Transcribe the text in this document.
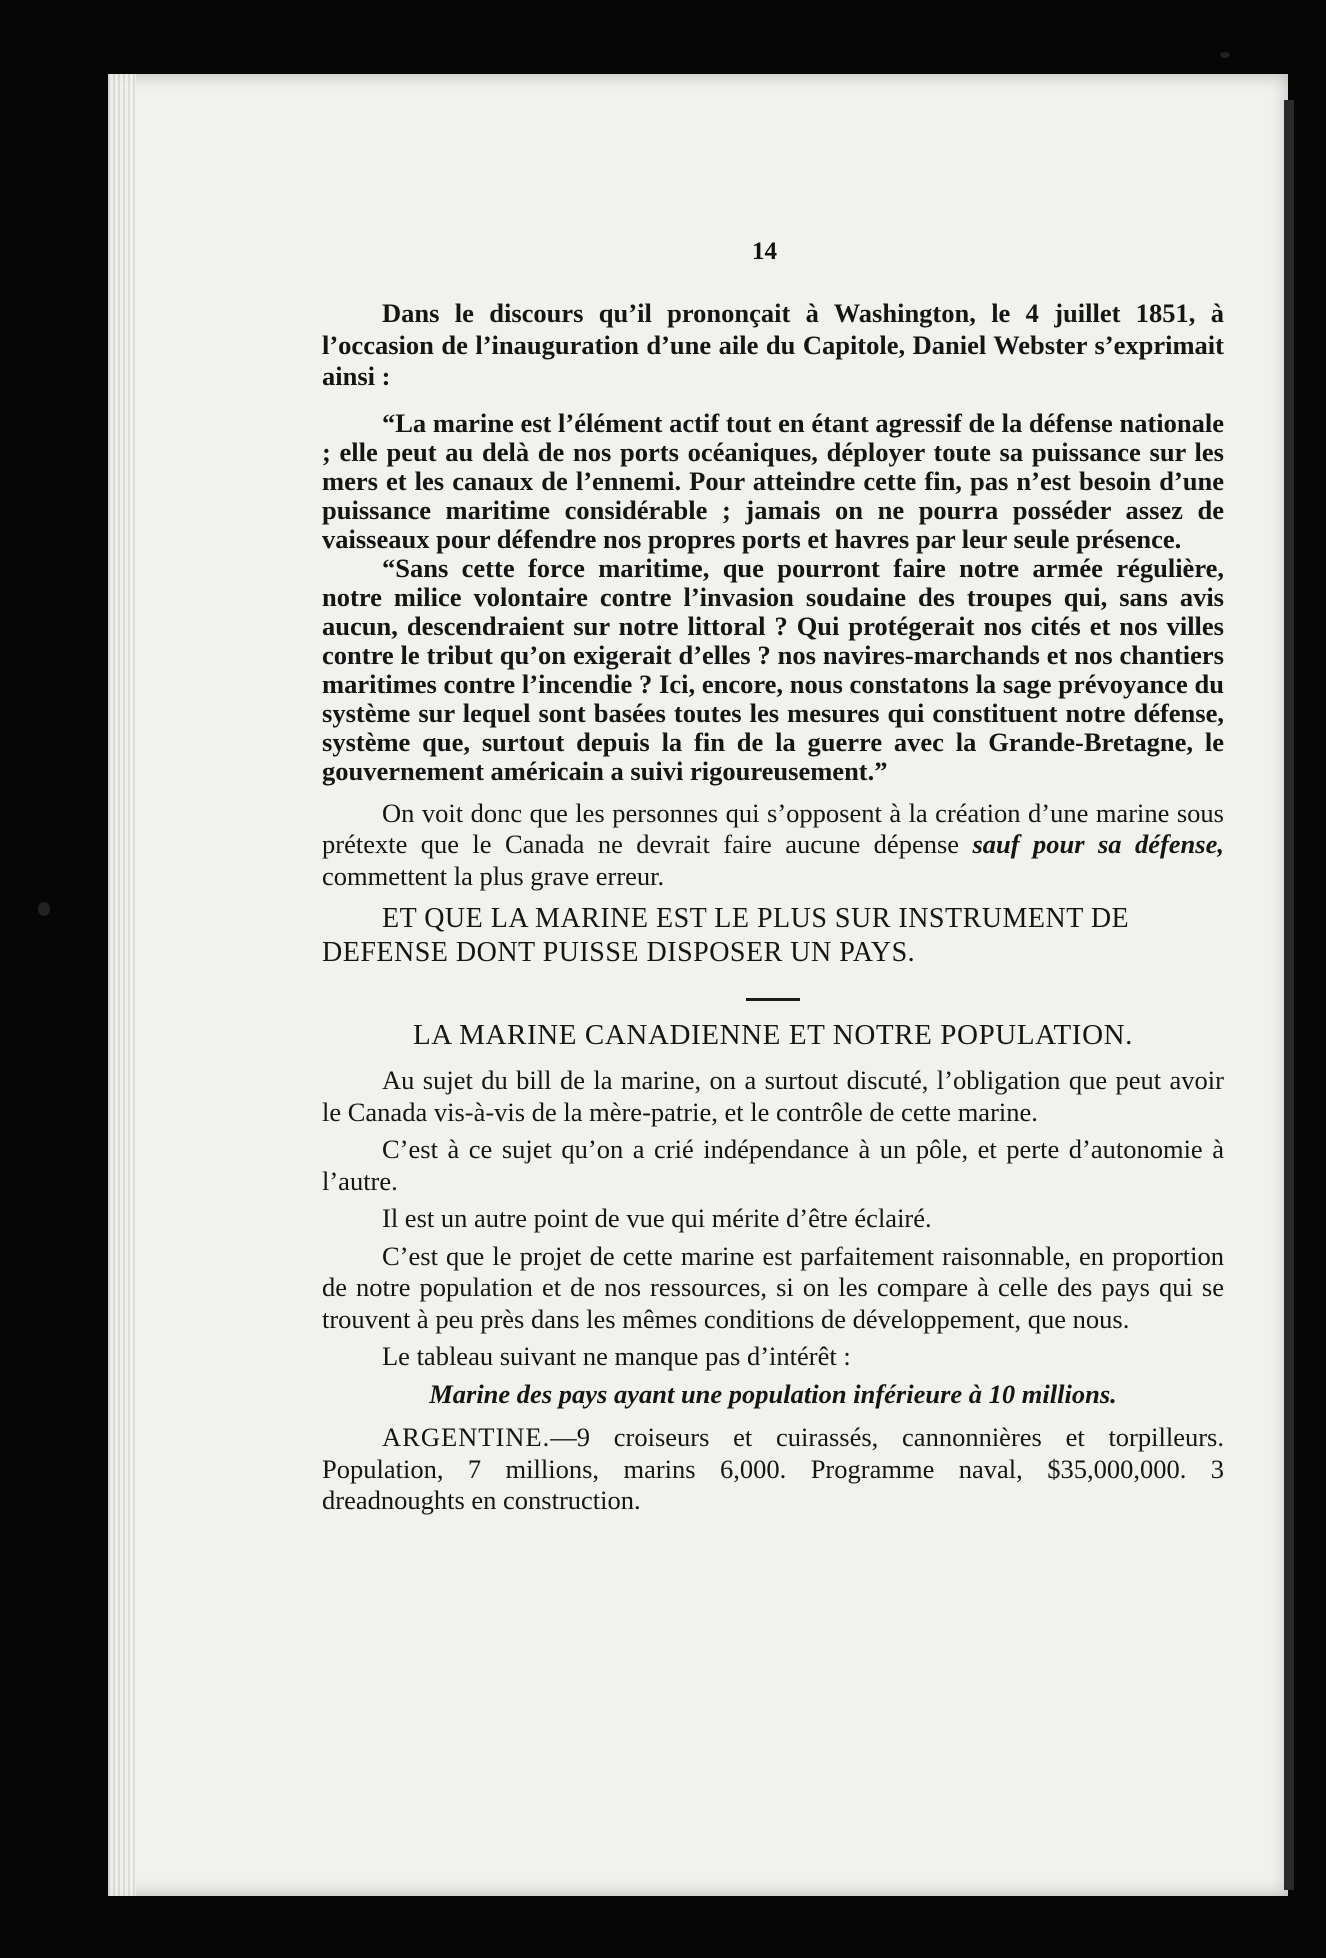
14

Dans le discours qu’il prononçait à Washington, le 4 juillet 1851, à l’occasion de l’inauguration d’une aile du Capitole, Daniel Webster s’exprimait ainsi :

“La marine est l’élément actif tout en étant agressif de la défense nationale ; elle peut au delà de nos ports océaniques, déployer toute sa puissance sur les mers et les canaux de l’ennemi. Pour atteindre cette fin, pas n’est besoin d’une puissance maritime considérable ; jamais on ne pourra posséder assez de vaisseaux pour défendre nos propres ports et havres par leur seule présence.

“Sans cette force maritime, que pourront faire notre armée régulière, notre milice volontaire contre l’invasion soudaine des troupes qui, sans avis aucun, descendraient sur notre littoral ? Qui protégerait nos cités et nos villes contre le tribut qu’on exigerait d’elles ? nos navires-marchands et nos chantiers maritimes contre l’incendie ? Ici, encore, nous constatons la sage prévoyance du système sur lequel sont basées toutes les mesures qui constituent notre défense, système que, surtout depuis la fin de la guerre avec la Grande-Bretagne, le gouvernement américain a suivi rigoureusement.”

On voit donc que les personnes qui s’opposent à la création d’une marine sous prétexte que le Canada ne devrait faire aucune dépense sauf pour sa défense, commettent la plus grave erreur.

ET QUE LA MARINE EST LE PLUS SUR INSTRUMENT DE DEFENSE DONT PUISSE DISPOSER UN PAYS.

LA MARINE CANADIENNE ET NOTRE POPULATION.

Au sujet du bill de la marine, on a surtout discuté, l’obligation que peut avoir le Canada vis-à-vis de la mère-patrie, et le contrôle de cette marine.

C’est à ce sujet qu’on a crié indépendance à un pôle, et perte d’autonomie à l’autre.

Il est un autre point de vue qui mérite d’être éclairé.

C’est que le projet de cette marine est parfaitement raisonnable, en proportion de notre population et de nos ressources, si on les compare à celle des pays qui se trouvent à peu près dans les mêmes conditions de développement, que nous.

Le tableau suivant ne manque pas d’intérêt :

Marine des pays ayant une population inférieure à 10 millions.

ARGENTINE.—9 croiseurs et cuirassés, cannonnières et torpilleurs. Population, 7 millions, marins 6,000. Programme naval, $35,000,000. 3 dreadnoughts en construction.
